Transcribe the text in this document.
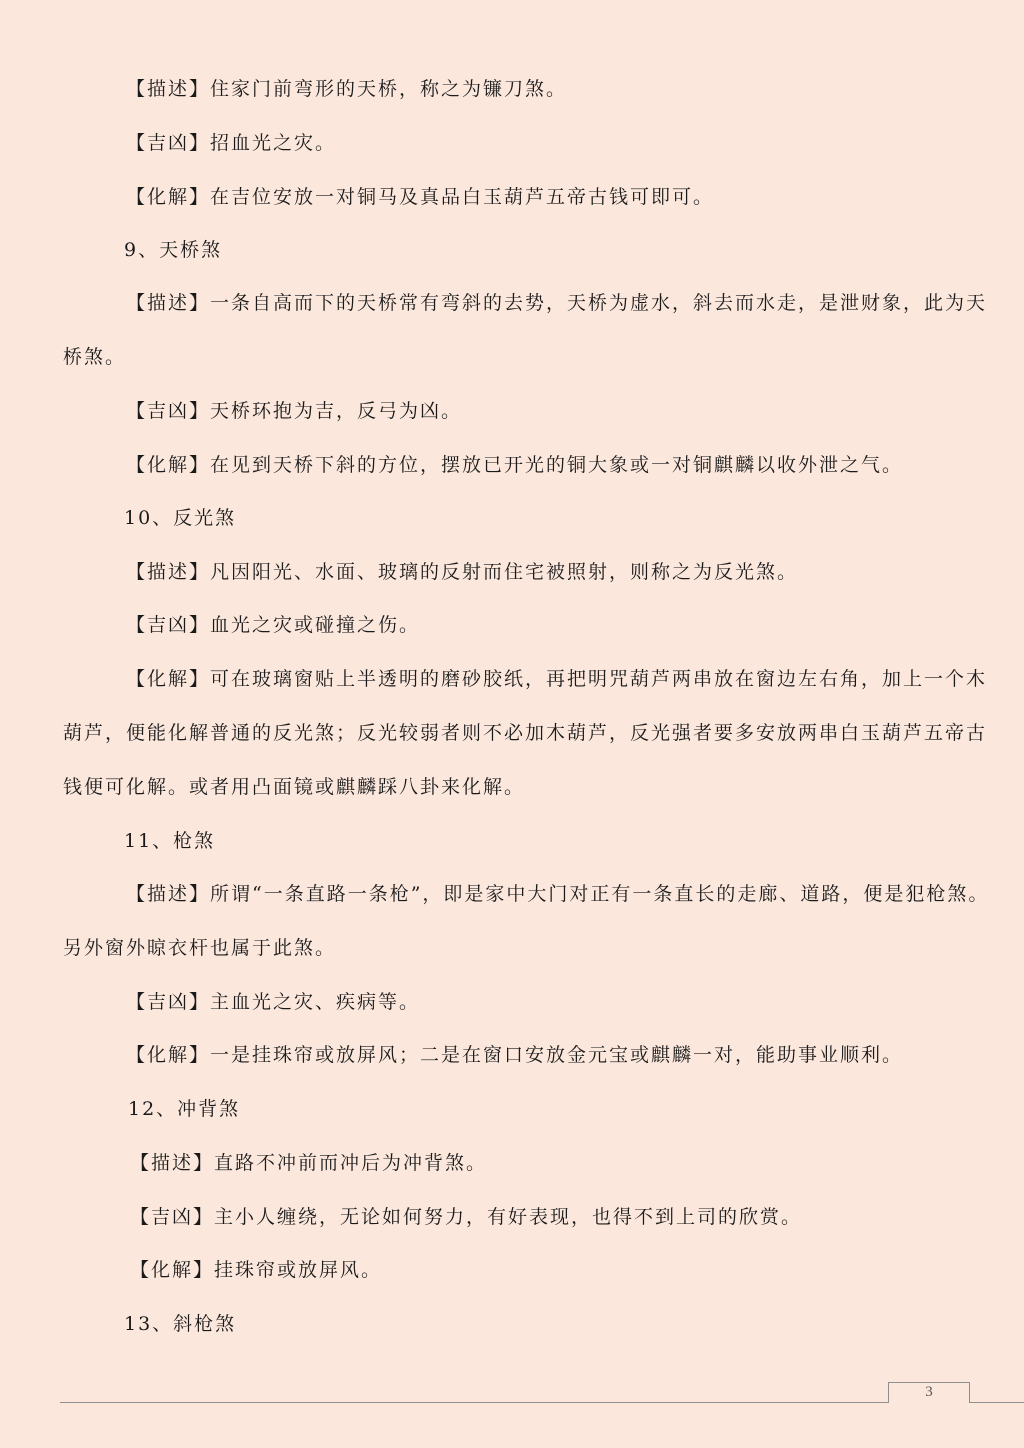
【描述】住家门前弯形的天桥，称之为镰刀煞。
【吉凶】招血光之灾。
【化解】在吉位安放一对铜马及真品白玉葫芦五帝古钱可即可。
9、天桥煞
【描述】一条自高而下的天桥常有弯斜的去势，天桥为虚水，斜去而水走，是泄财象，此为天
桥煞。
【吉凶】天桥环抱为吉，反弓为凶。
【化解】在见到天桥下斜的方位，摆放已开光的铜大象或一对铜麒麟以收外泄之气。
10、反光煞
【描述】凡因阳光、水面、玻璃的反射而住宅被照射，则称之为反光煞。
【吉凶】血光之灾或碰撞之伤。
【化解】可在玻璃窗贴上半透明的磨砂胶纸，再把明咒葫芦两串放在窗边左右角，加上一个木
葫芦，便能化解普通的反光煞；反光较弱者则不必加木葫芦，反光强者要多安放两串白玉葫芦五帝古
钱便可化解。或者用凸面镜或麒麟踩八卦来化解。
11、枪煞
【描述】所谓“一条直路一条枪”，即是家中大门对正有一条直长的走廊、道路，便是犯枪煞。
另外窗外晾衣杆也属于此煞。
【吉凶】主血光之灾、疾病等。
【化解】一是挂珠帘或放屏风；二是在窗口安放金元宝或麒麟一对，能助事业顺利。
12、冲背煞
【描述】直路不冲前而冲后为冲背煞。
【吉凶】主小人缠绕，无论如何努力，有好表现，也得不到上司的欣赏。
【化解】挂珠帘或放屏风。
13、斜枪煞
3
